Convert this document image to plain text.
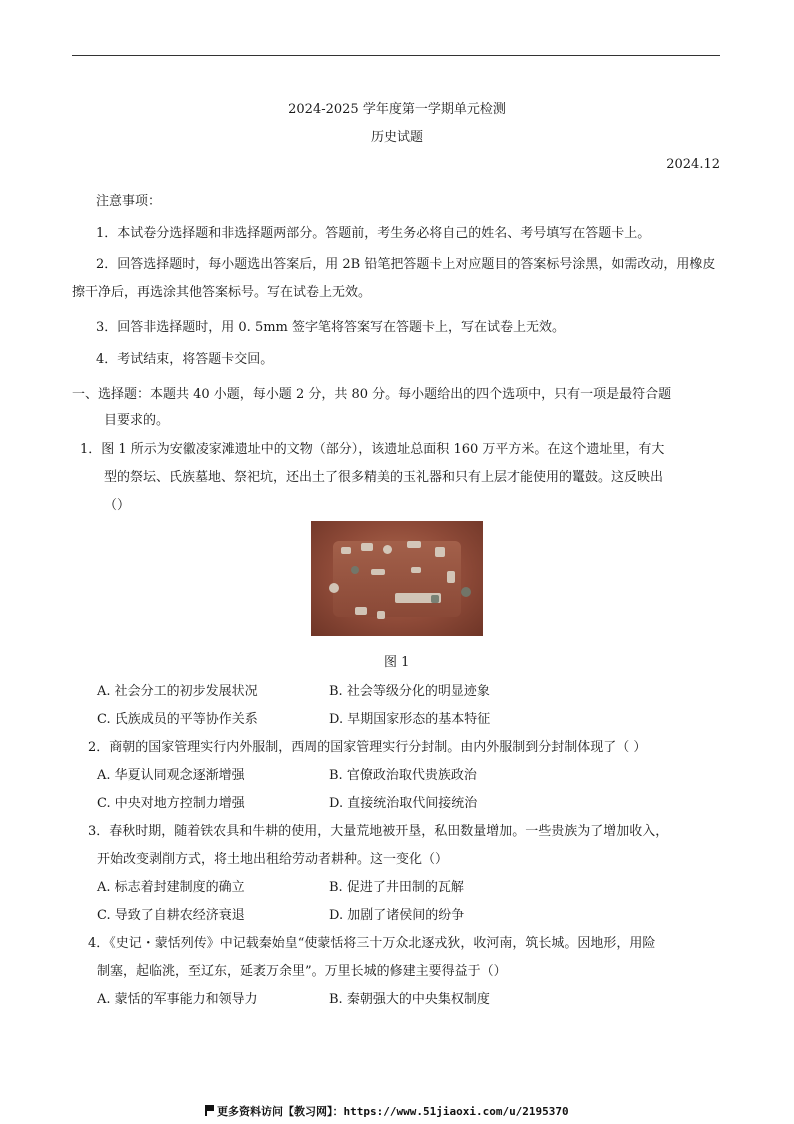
2024-2025 学年度第一学期单元检测
历史试题
2024.12
注意事项：
1．本试卷分选择题和非选择题两部分。答题前，考生务必将自己的姓名、考号填写在答题卡上。
2．回答选择题时，每小题选出答案后，用 2B 铅笔把答题卡上对应题目的答案标号涂黑，如需改动，用橡皮擦干净后，再选涂其他答案标号。写在试卷上无效。
3．回答非选择题时，用 0. 5mm 签字笔将答案写在答题卡上，写在试卷上无效。
4．考试结束，将答题卡交回。
一、选择题：本题共 40 小题，每小题 2 分，共 80 分。每小题给出的四个选项中，只有一项是最符合题
目要求的。
1．图 1 所示为安徽凌家滩遗址中的文物（部分），该遗址总面积 160 万平方米。在这个遗址里，有大
型的祭坛、氏族墓地、祭祀坑，还出土了很多精美的玉礼器和只有上层才能使用的鼍鼓。这反映出
（）
图 1
A. 社会分工的初步发展状况	B. 社会等级分化的明显迹象
C. 氏族成员的平等协作关系	D. 早期国家形态的基本特征
2．商朝的国家管理实行内外服制，西周的国家管理实行分封制。由内外服制到分封制体现了（ ）
A. 华夏认同观念逐渐增强	B. 官僚政治取代贵族政治
C. 中央对地方控制力增强	D. 直接统治取代间接统治
3．春秋时期，随着铁农具和牛耕的使用，大量荒地被开垦，私田数量增加。一些贵族为了增加收入，
开始改变剥削方式，将土地出租给劳动者耕种。这一变化（）
A. 标志着封建制度的确立	B. 促进了井田制的瓦解
C. 导致了自耕农经济衰退	D. 加剧了诸侯间的纷争
4．《史记・蒙恬列传》中记载秦始皇“使蒙恬将三十万众北逐戎狄，收河南，筑长城。因地形，用险
制塞，起临洮，至辽东，延袤万余里”。万里长城的修建主要得益于（）
A. 蒙恬的军事能力和领导力	B. 秦朝强大的中央集权制度
更多资料访问【教习网】：https://www.51jiaoxi.com/u/2195370
